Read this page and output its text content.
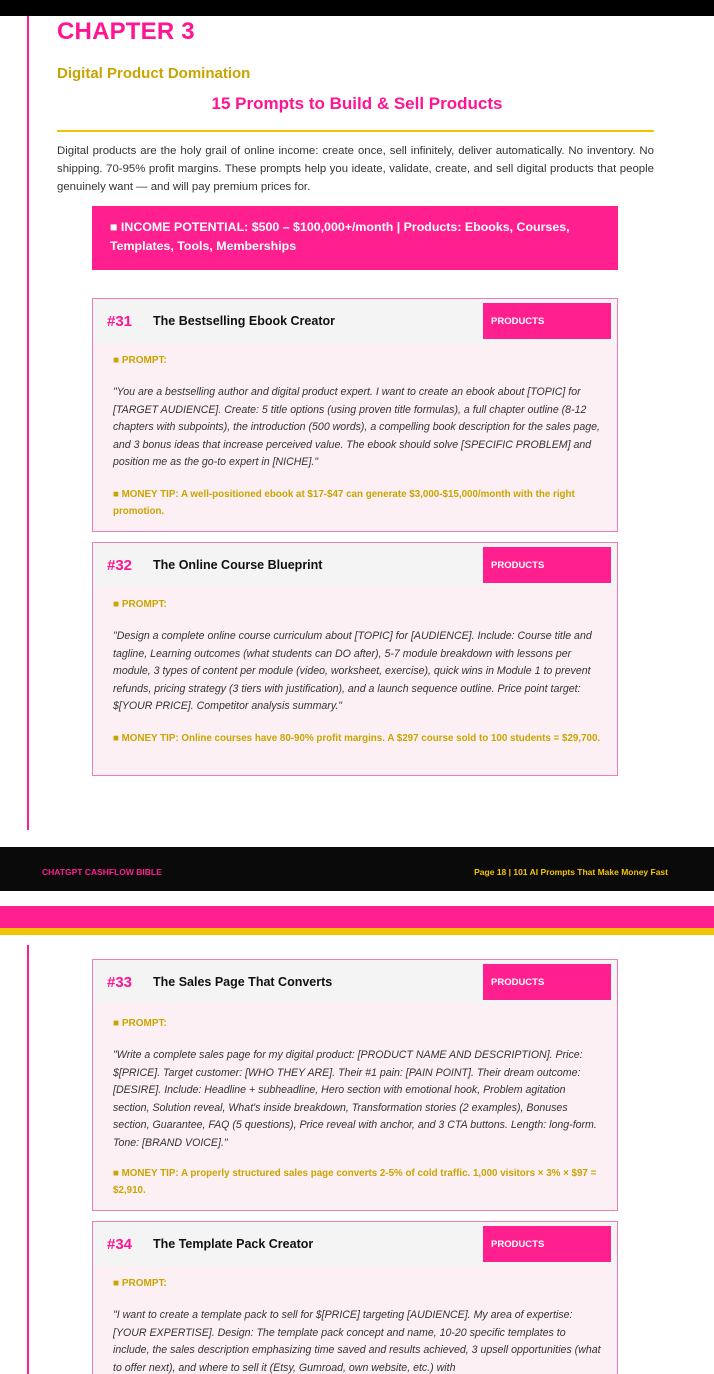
CHAPTER 3
Digital Product Domination
15 Prompts to Build & Sell Products
Digital products are the holy grail of online income: create once, sell infinitely, deliver automatically. No inventory. No shipping. 70-95% profit margins. These prompts help you ideate, validate, create, and sell digital products that people genuinely want — and will pay premium prices for.
■ INCOME POTENTIAL: $500 – $100,000+/month | Products: Ebooks, Courses, Templates, Tools, Memberships
#31 The Bestselling Ebook Creator	PRODUCTS
■ PROMPT:
"You are a bestselling author and digital product expert. I want to create an ebook about [TOPIC] for [TARGET AUDIENCE]. Create: 5 title options (using proven title formulas), a full chapter outline (8-12 chapters with subpoints), the introduction (500 words), a compelling book description for the sales page, and 3 bonus ideas that increase perceived value. The ebook should solve [SPECIFIC PROBLEM] and position me as the go-to expert in [NICHE]."
■ MONEY TIP: A well-positioned ebook at $17-$47 can generate $3,000-$15,000/month with the right promotion.
#32 The Online Course Blueprint	PRODUCTS
■ PROMPT:
"Design a complete online course curriculum about [TOPIC] for [AUDIENCE]. Include: Course title and tagline, Learning outcomes (what students can DO after), 5-7 module breakdown with lessons per module, 3 types of content per module (video, worksheet, exercise), quick wins in Module 1 to prevent refunds, pricing strategy (3 tiers with justification), and a launch sequence outline. Price point target: $[YOUR PRICE]. Competitor analysis summary."
■ MONEY TIP: Online courses have 80-90% profit margins. A $297 course sold to 100 students = $29,700.
CHATGPT CASHFLOW BIBLE	Page 18 | 101 AI Prompts That Make Money Fast
#33 The Sales Page That Converts	PRODUCTS
■ PROMPT:
"Write a complete sales page for my digital product: [PRODUCT NAME AND DESCRIPTION]. Price: $[PRICE]. Target customer: [WHO THEY ARE]. Their #1 pain: [PAIN POINT]. Their dream outcome: [DESIRE]. Include: Headline + subheadline, Hero section with emotional hook, Problem agitation section, Solution reveal, What's inside breakdown, Transformation stories (2 examples), Bonuses section, Guarantee, FAQ (5 questions), Price reveal with anchor, and 3 CTA buttons. Length: long-form. Tone: [BRAND VOICE]."
■ MONEY TIP: A properly structured sales page converts 2-5% of cold traffic. 1,000 visitors × 3% × $97 = $2,910.
#34 The Template Pack Creator	PRODUCTS
■ PROMPT:
"I want to create a template pack to sell for $[PRICE] targeting [AUDIENCE]. My area of expertise: [YOUR EXPERTISE]. Design: The template pack concept and name, 10-20 specific templates to include, the sales description emphasizing time saved and results achieved, 3 upsell opportunities (what to offer next), and where to sell it (Etsy, Gumroad, own website, etc.) with
